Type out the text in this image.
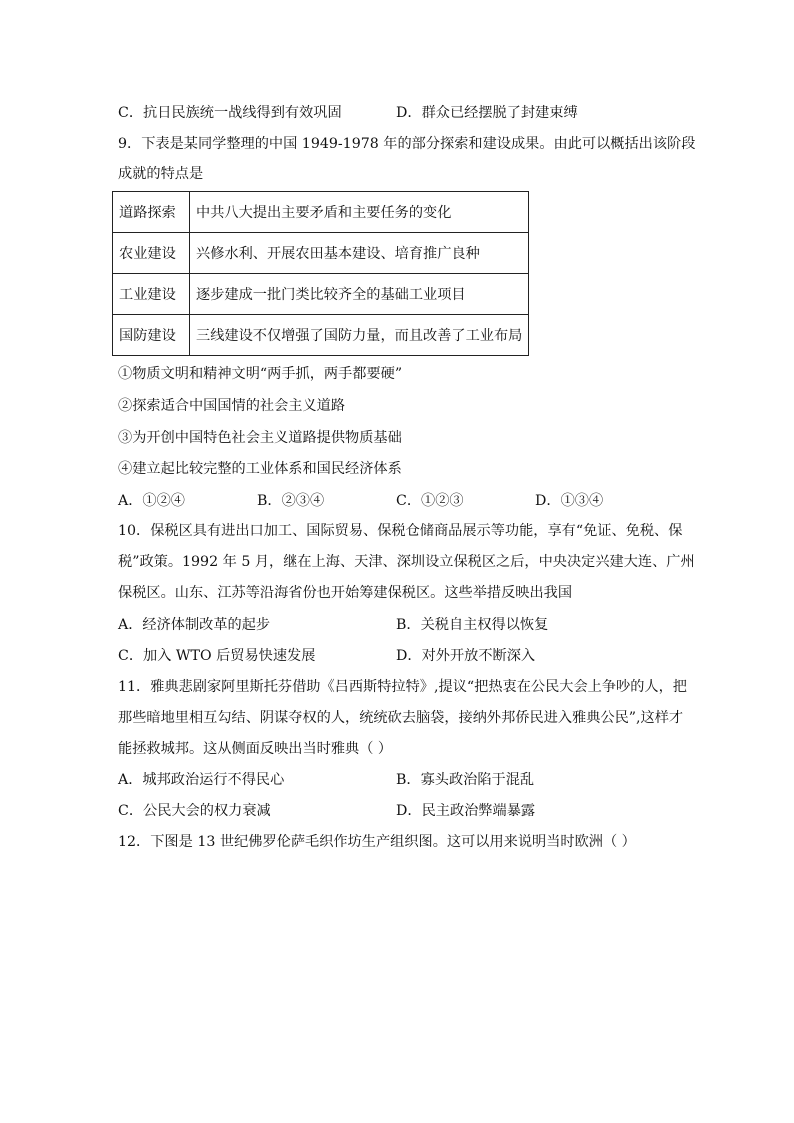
C．抗日民族统一战线得到有效巩固	D．群众已经摆脱了封建束缚
9．下表是某同学整理的中国 1949-1978 年的部分探索和建设成果。由此可以概括出该阶段
成就的特点是
道路探索	中共八大提出主要矛盾和主要任务的变化
农业建设	兴修水利、开展农田基本建设、培育推广良种
工业建设	逐步建成一批门类比较齐全的基础工业项目
国防建设	三线建设不仅增强了国防力量，而且改善了工业布局
①物质文明和精神文明“两手抓，两手都要硬”
②探索适合中国国情的社会主义道路
③为开创中国特色社会主义道路提供物质基础
④建立起比较完整的工业体系和国民经济体系
A．①②④	B．②③④	C．①②③	D．①③④
10．保税区具有进出口加工、国际贸易、保税仓储商品展示等功能，享有“免证、免税、保
税”政策。1992 年 5 月，继在上海、天津、深圳设立保税区之后，中央决定兴建大连、广州
保税区。山东、江苏等沿海省份也开始筹建保税区。这些举措反映出我国
A．经济体制改革的起步	B．关税自主权得以恢复
C．加入 WTO 后贸易快速发展	D．对外开放不断深入
11．雅典悲剧家阿里斯托芬借助《吕西斯特拉特》,提议“把热衷在公民大会上争吵的人，把
那些暗地里相互勾结、阴谋夺权的人，统统砍去脑袋，接纳外邦侨民进入雅典公民”,这样才
能拯救城邦。这从侧面反映出当时雅典（ ）
A．城邦政治运行不得民心	B．寡头政治陷于混乱
C．公民大会的权力衰减	D．民主政治弊端暴露
12．下图是 13 世纪佛罗伦萨毛织作坊生产组织图。这可以用来说明当时欧洲（ ）
